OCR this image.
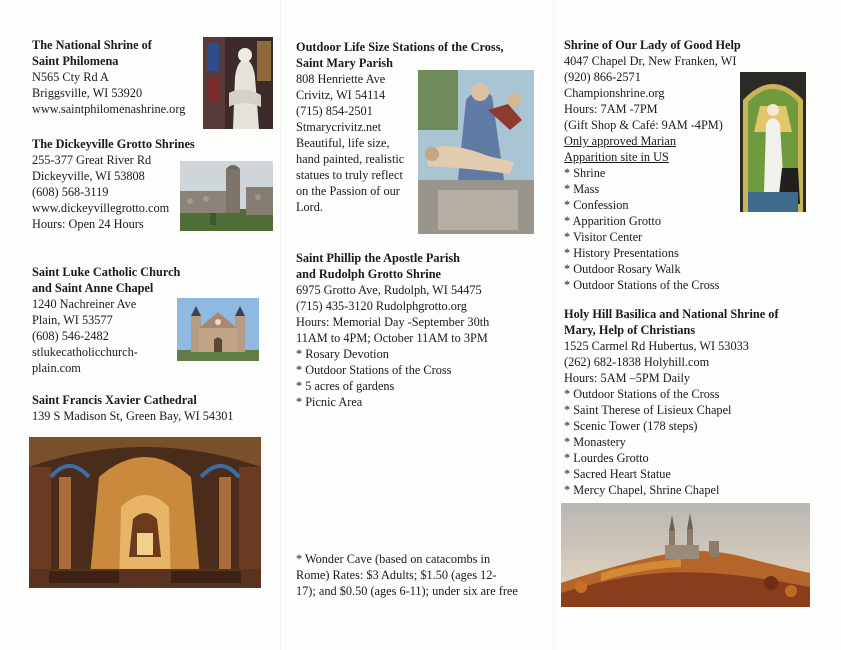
The National Shrine of
Saint Philomena
N565 Cty Rd A
Briggsville, WI 53920
www.saintphilomenashrine.org
The Dickeyville Grotto Shrines
255-377 Great River Rd
Dickeyville, WI 53808
(608) 568-3119
www.dickeyvillegrotto.com
Hours: Open 24 Hours
Saint Luke Catholic Church
and Saint Anne Chapel
1240 Nachreiner Ave
Plain, WI 53577
(608) 546-2482
stlukecatholicchurch-
plain.com
Saint Francis Xavier Cathedral
139 S Madison St, Green Bay, WI 54301
Outdoor Life Size Stations of the Cross,
Saint Mary Parish
808 Henriette Ave
Crivitz, WI 54114
(715) 854-2501
Stmarycrivitz.net
Beautiful, life size,
hand painted, realistic
statues to truly reflect
on the Passion of our
Lord.
Saint Phillip the Apostle Parish
and Rudolph Grotto Shrine
6975 Grotto Ave, Rudolph, WI 54475
(715) 435-3120 Rudolphgrotto.org
Hours: Memorial Day -September 30th
11AM to 4PM; October 11AM to 3PM
* Rosary Devotion
* Outdoor Stations of the Cross
* 5 acres of gardens
* Picnic Area
* Wonder Cave (based on catacombs in
Rome) Rates: $3 Adults; $1.50 (ages 12-
17); and $0.50 (ages 6-11); under six are free
Shrine of Our Lady of Good Help
4047 Chapel Dr, New Franken, WI
(920) 866-2571
Championshrine.org
Hours: 7AM -7PM
(Gift Shop & Café: 9AM -4PM)
Only approved Marian
Apparition site in US
* Shrine
* Mass
* Confession
* Apparition Grotto
* Visitor Center
* History Presentations
* Outdoor Rosary Walk
* Outdoor Stations of the Cross
Holy Hill Basilica and National Shrine of
Mary, Help of Christians
1525 Carmel Rd Hubertus, WI 53033
(262) 682-1838 Holyhill.com
Hours: 5AM –5PM Daily
* Outdoor Stations of the Cross
* Saint Therese of Lisieux Chapel
* Scenic Tower (178 steps)
* Monastery
* Lourdes Grotto
* Sacred Heart Statue
* Mercy Chapel, Shrine Chapel
